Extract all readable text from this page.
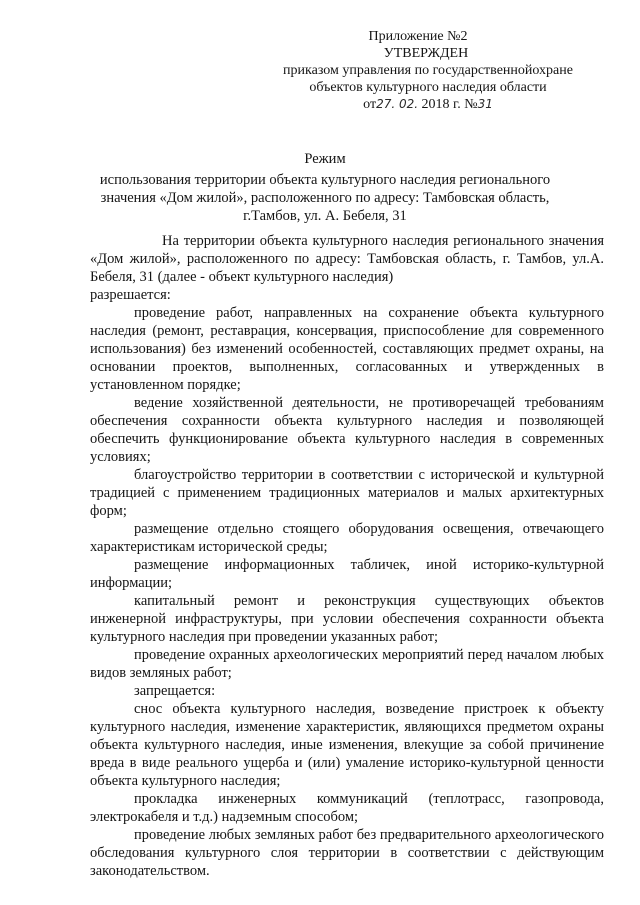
Приложение №2
УТВЕРЖДЕН
приказом управления по государственнойохране
объектов культурного наследия области
от27. 02. 2018 г. №31
Режим
использования территории объекта культурного наследия регионального значения «Дом жилой», расположенного по адресу: Тамбовская область, г.Тамбов, ул. А. Бебеля, 31

На территории объекта культурного наследия регионального значения «Дом жилой», расположенного по адресу: Тамбовская область, г. Тамбов, ул.А. Бебеля, 31 (далее - объект культурного наследия)

разрешается:

проведение работ, направленных на сохранение объекта культурного наследия (ремонт, реставрация, консервация, приспособление для современного использования) без изменений особенностей, составляющих предмет охраны, на основании проектов, выполненных, согласованных и утвержденных в установленном порядке;

ведение хозяйственной деятельности, не противоречащей требованиям обеспечения сохранности объекта культурного наследия и позволяющей обеспечить функционирование объекта культурного наследия в современных условиях;

благоустройство территории в соответствии с исторической и культурной традицией с применением традиционных материалов и малых архитектурных форм;

размещение отдельно стоящего оборудования освещения, отвечающего характеристикам исторической среды;

размещение информационных табличек, иной историко-культурной информации;

капитальный ремонт и реконструкция существующих объектов инженерной инфраструктуры, при условии обеспечения сохранности объекта культурного наследия при проведении указанных работ;

проведение охранных археологических мероприятий перед началом любых видов земляных работ;

запрещается:

снос объекта культурного наследия, возведение пристроек к объекту культурного наследия, изменение характеристик, являющихся предметом охраны объекта культурного наследия, иные изменения, влекущие за собой причинение вреда в виде реального ущерба и (или) умаление историко-культурной ценности объекта культурного наследия;

прокладка инженерных коммуникаций (теплотрасс, газопровода, электрокабеля и т.д.) надземным способом;

проведение любых земляных работ без предварительного археологического обследования культурного слоя территории в соответствии с действующим законодательством.
